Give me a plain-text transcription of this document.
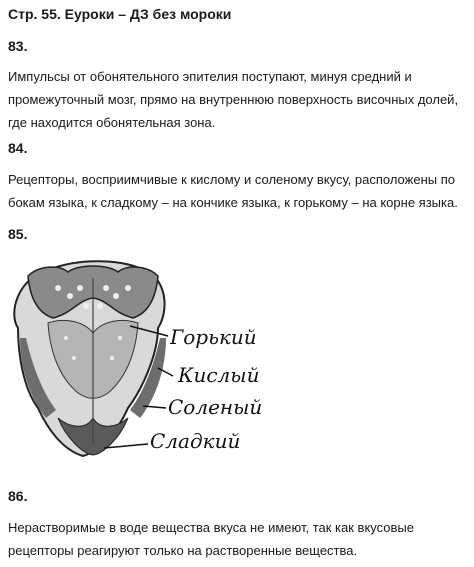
Стр. 55. Еуроки – ДЗ без мороки
83.
Импульсы от обонятельного эпителия поступают, минуя средний и промежуточный мозг, прямо на внутреннюю поверхность височных долей, где находится обонятельная зона.
84.
Рецепторы, восприимчивые к кислому и соленому вкусу, расположены по бокам языка, к сладкому – на кончике языка, к горькому – на корне языка.
85.
Горький
Кислый
Соленый
Сладкий
86.
Нерастворимые в воде вещества вкуса не имеют, так как вкусовые рецепторы реагируют только на растворенные вещества.
